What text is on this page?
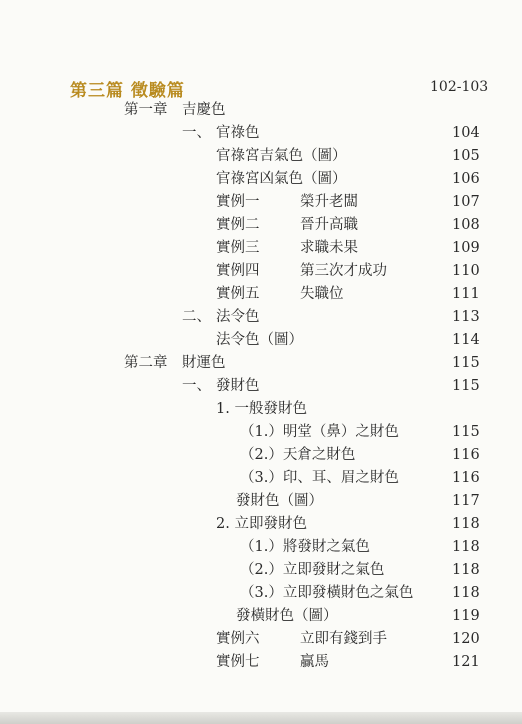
第三篇 徵驗篇	102-103
第一章 吉慶色
一、 官祿色	104
官祿宮吉氣色（圖）	105
官祿宮凶氣色（圖）	106
實例一	榮升老闆	107
實例二	晉升高職	108
實例三	求職未果	109
實例四	第三次才成功	110
實例五	失職位	111
二、 法令色	113
法令色（圖）	114
第二章 財運色	115
一、 發財色	115
1. 一般發財色
（1.）明堂（鼻）之財色	115
（2.）天倉之財色	116
（3.）印、耳、眉之財色	116
發財色（圖）	117
2. 立即發財色	118
（1.）將發財之氣色	118
（2.）立即發財之氣色	118
（3.）立即發橫財色之氣色	118
發橫財色（圖）	119
實例六	立即有錢到手	120
實例七	贏馬	121
